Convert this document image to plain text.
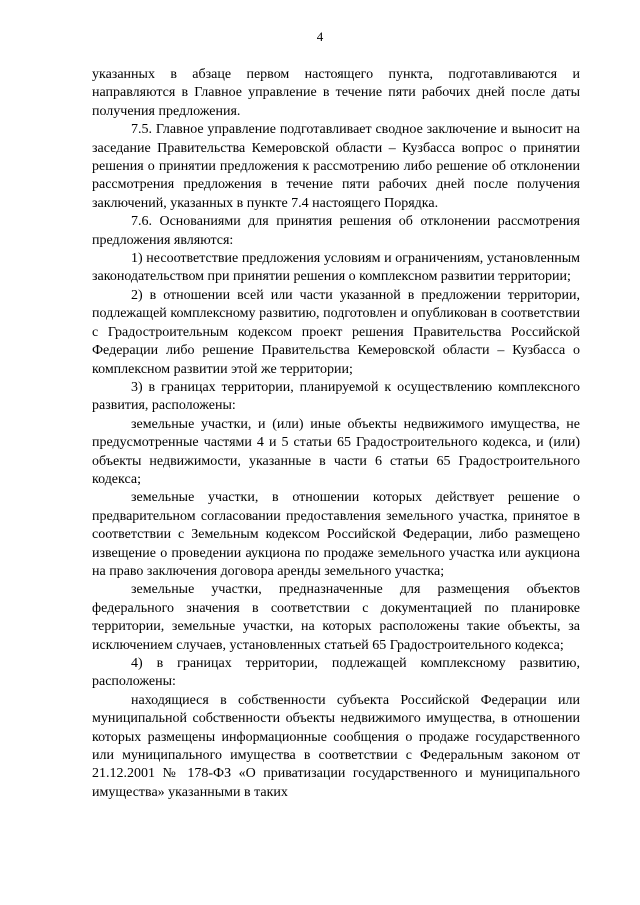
4

указанных в абзаце первом настоящего пункта, подготавливаются и направляются в Главное управление в течение пяти рабочих дней после даты получения предложения.

7.5. Главное управление подготавливает сводное заключение и выносит на заседание Правительства Кемеровской области – Кузбасса вопрос о принятии решения о принятии предложения к рассмотрению либо решение об отклонении рассмотрения предложения в течение пяти рабочих дней после получения заключений, указанных в пункте 7.4 настоящего Порядка.

7.6. Основаниями для принятия решения об отклонении рассмотрения предложения являются:

1) несоответствие предложения условиям и ограничениям, установленным законодательством при принятии решения о комплексном развитии территории;

2) в отношении всей или части указанной в предложении территории, подлежащей комплексному развитию, подготовлен и опубликован в соответствии с Градостроительным кодексом проект решения Правительства Российской Федерации либо решение Правительства Кемеровской области – Кузбасса о комплексном развитии этой же территории;

3) в границах территории, планируемой к осуществлению комплексного развития, расположены:

земельные участки, и (или) иные объекты недвижимого имущества, не предусмотренные частями 4 и 5 статьи 65 Градостроительного кодекса, и (или) объекты недвижимости, указанные в части 6 статьи 65 Градостроительного кодекса;

земельные участки, в отношении которых действует решение о предварительном согласовании предоставления земельного участка, принятое в соответствии с Земельным кодексом Российской Федерации, либо размещено извещение о проведении аукциона по продаже земельного участка или аукциона на право заключения договора аренды земельного участка;

земельные участки, предназначенные для размещения объектов федерального значения в соответствии с документацией по планировке территории, земельные участки, на которых расположены такие объекты, за исключением случаев, установленных статьей 65 Градостроительного кодекса;

4) в границах территории, подлежащей комплексному развитию, расположены:

находящиеся в собственности субъекта Российской Федерации или муниципальной собственности объекты недвижимого имущества, в отношении которых размещены информационные сообщения о продаже государственного или муниципального имущества в соответствии с Федеральным законом от 21.12.2001 № 178-ФЗ «О приватизации государственного и муниципального имущества» указанными в таких
